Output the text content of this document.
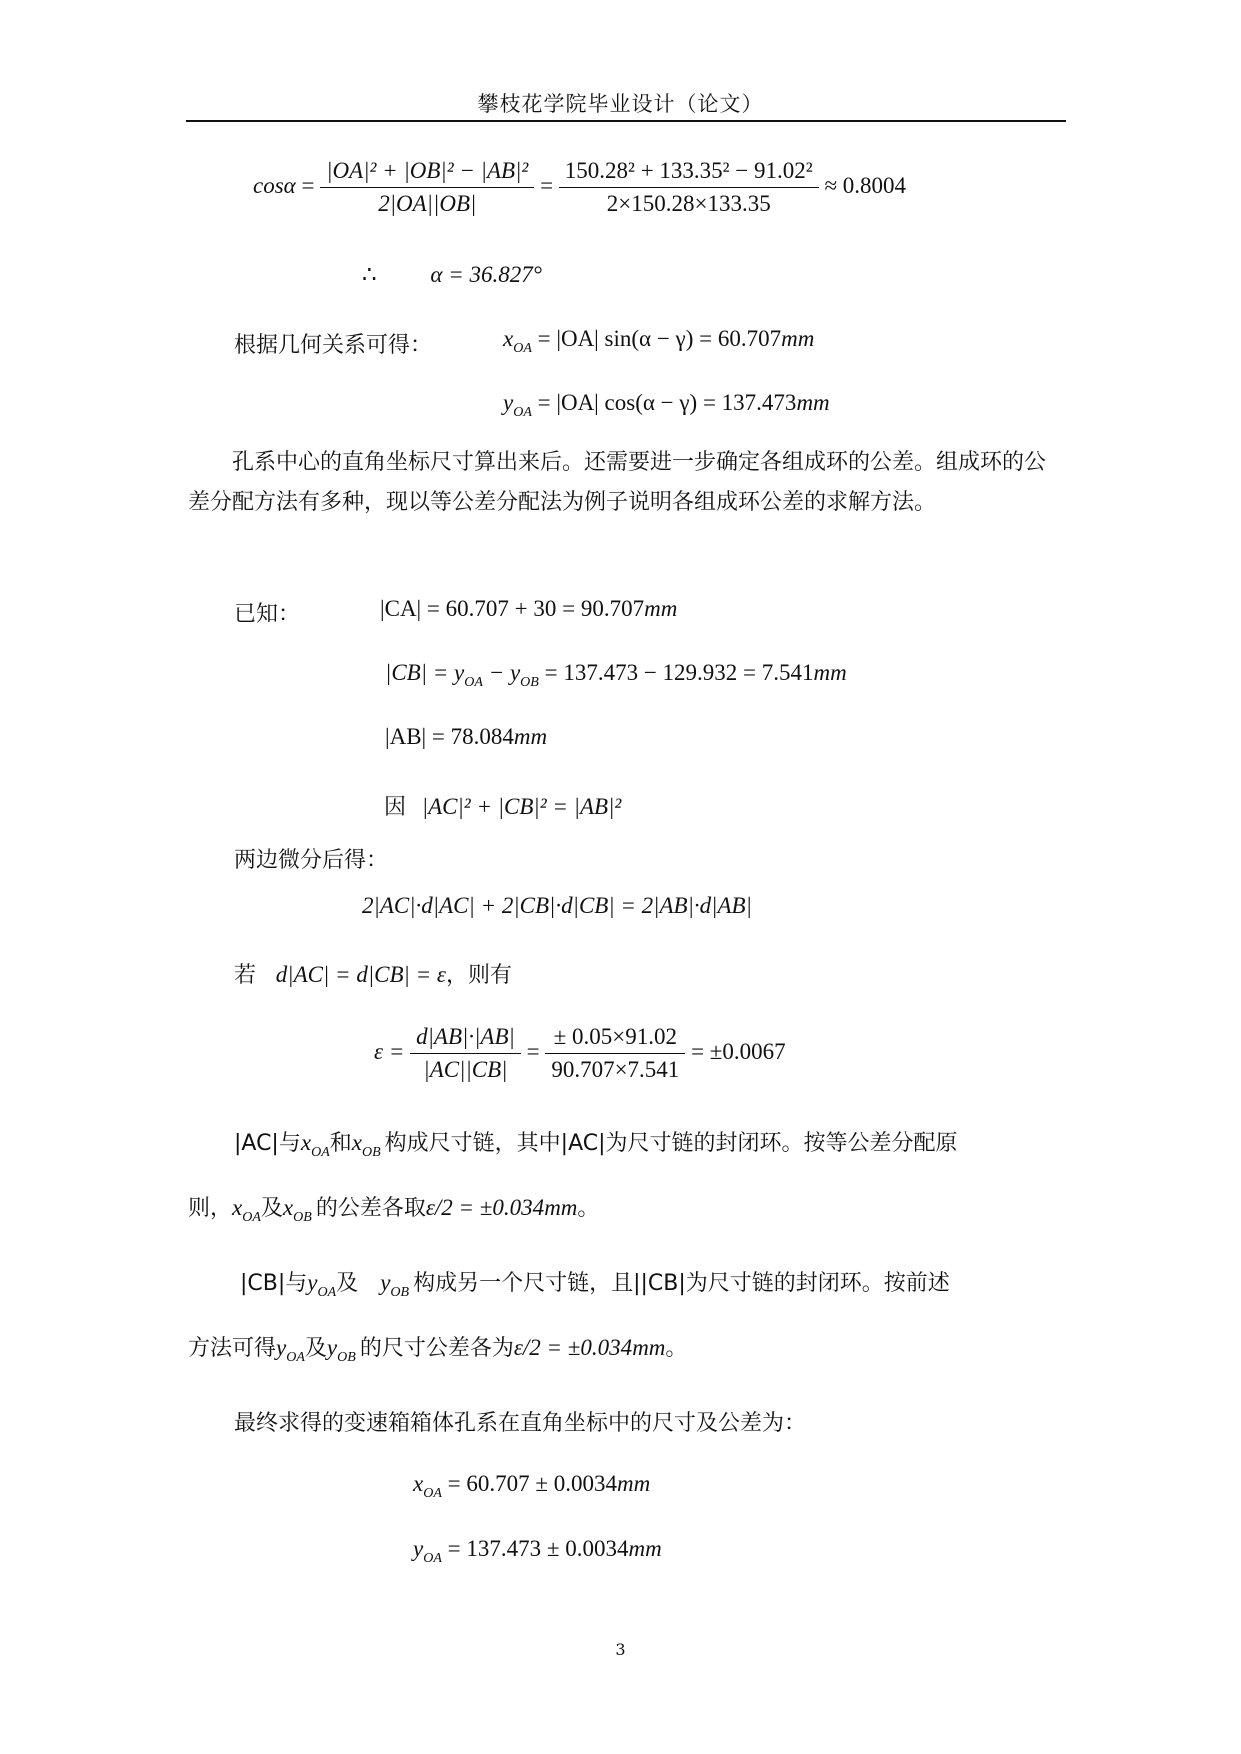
攀枝花学院毕业设计（论文）
$\cos\alpha = \frac{\text{|OA|² + |OB|² − |AB|²}}{2|OA||OB|} = \frac{\text{150.28² + 133.35² − 91.02²}}{2\times 150.28\times 133.35} \approx 0.8004$
∴ α = 36.827°
根据几何关系可得：	$x_{OA} = |OA|$ sin(α − γ) = 60.707mm
$y_{OA} = |OA|$ cos(α − γ) = 137.473mm
孔系中心的直角坐标尺寸算出来后。还需要进一步确定各组成环的公差。组成环的公差分配方法有多种，现以等公差分配法为例子说明各组成环公差的求解方法。
已知：	|CA| = 60.707 + 30 = 90.707mm
$|CB| = y_{OA} - y_{OB} = 137.473 - 129.932 = 7.541mm$
|AB| = 78.084mm
因 |AC|² + |CB|² = |AB|²
两边微分后得：
2|AC|·d|AC| + 2|CB|·d|CB| = 2|AB|·d|AB|
若 d|AC| = d|CB| = ε，则有
$\varepsilon = \frac{d|AB|\cdot|AB|}{|AC||CB|} = \frac{\pm 0.05\times 91.02}{90.707\times 7.541} = \pm 0.0067$
|AC|与$x_{OA}$和$x_{OB}$ 构成尺寸链，其中|AC|为尺寸链的封闭环。按等公差分配原
则，$x_{OA}$及$x_{OB}$ 的公差各取ε/2 = ±0.034mm。
|CB|与$y_{OA}$及 $y_{OB}$ 构成另一个尺寸链，且||CB|为尺寸链的封闭环。按前述
方法可得$y_{OA}$及$y_{OB}$ 的尺寸公差各为ε/2 = ±0.034mm。
最终求得的变速箱箱体孔系在直角坐标中的尺寸及公差为：
$x_{OA} = 60.707 \pm 0.0034mm$
$y_{OA} = 137.473 \pm 0.0034mm$
3
